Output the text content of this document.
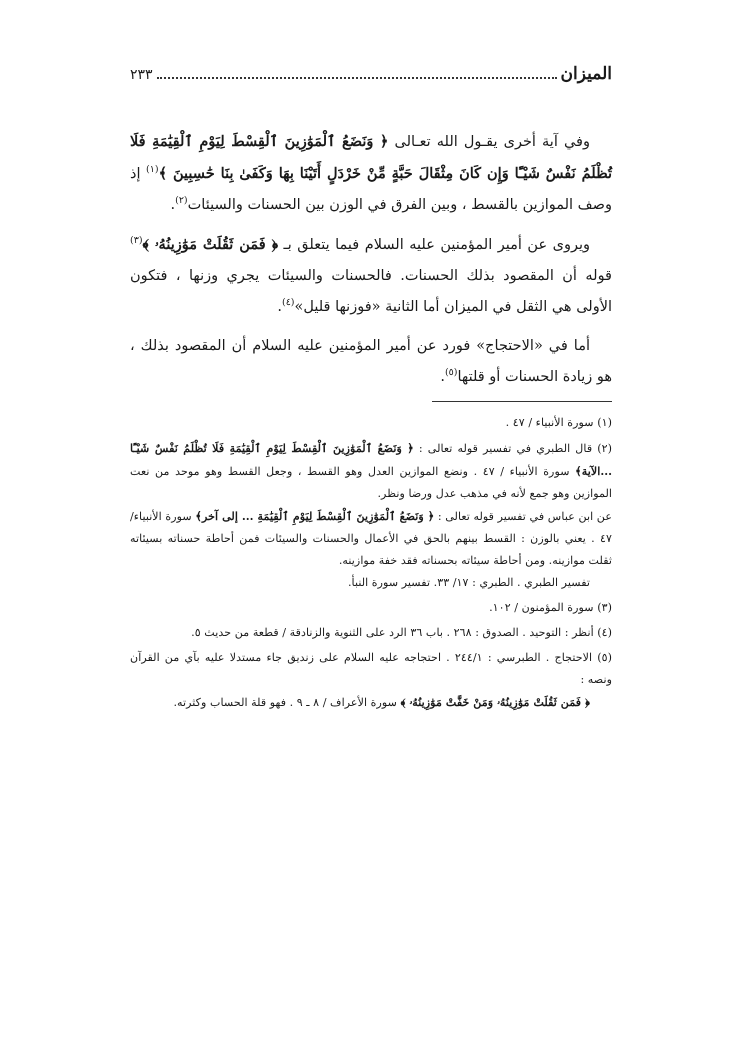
الميزان
٢٣٣

وفي آية أخرى يقـول الله تعـالى ﴿ وَنَضَعُ ٱلْمَوَٰزِينَ ٱلْقِسْطَ لِيَوْمِ ٱلْقِيَٰمَةِ فَلَا تُظْلَمُ نَفْسٌ شَيْـًٔا وَإِن كَانَ مِثْقَالَ حَبَّةٍ مِّنْ خَرْدَلٍ أَتَيْنَا بِهَا وَكَفَىٰ بِنَا حَٰسِبِينَ ﴾$^{(١)}$ إذ وصف الموازين بالقسط ، وبين الفرق في الوزن بين الحسنات والسيئات$^{(٢)}$.

ويروى عن أمير المؤمنين عليه السلام فيما يتعلق بـ ﴿ فَمَن ثَقُلَتْ مَوَٰزِينُهُۥ ﴾$^{(٣)}$ قوله أن المقصود بذلك الحسنات. فالحسنات والسيئات يجري وزنها ، فتكون الأولى هي الثقل في الميزان أما الثانية «فوزنها قليل»$^{(٤)}$.

أما في «الاحتجاج» فورد عن أمير المؤمنين عليه السلام أن المقصود بذلك ، هو زيادة الحسنات أو قلتها$^{(٥)}$.

(١) سورة الأنبياء / ٤٧ .

(٢) قال الطبري في تفسير قوله تعالى : ﴿ وَنَضَعُ ٱلْمَوَٰزِينَ ٱلْقِسْطَ لِيَوْمِ ٱلْقِيَٰمَةِ فَلَا تُظْلَمُ نَفْسٌ شَيْـًٔا ...الآية﴾ سورة الأنبياء / ٤٧ . ونضع الموازين العدل وهو القسط ، وجعل القسط وهو موحد من نعت الموازين وهو جمع لأنه في مذهب عدل ورضا ونظر.

عن ابن عباس في تفسير قوله تعالى : ﴿ وَنَضَعُ ٱلْمَوَٰزِينَ ٱلْقِسْطَ لِيَوْمِ ٱلْقِيَٰمَةِ ... إلى آخر﴾ سورة الأنبياء/ ٤٧ . يعني بالوزن : القسط بينهم بالحق في الأعمال والحسنات والسيئات فمن أحاطة حسناته بسيئاته ثقلت موازينه. ومن أحاطة سيئاته بحسناته فقد خفة موازينه.

تفسير الطبري . الطبري : ١٧/ ٣٣. تفسير سورة النبأ.

(٣) سورة المؤمنون / ١٠٢.

(٤) أنظر : التوحيد . الصدوق : ٢٦٨ . باب ٣٦ الرد على الثنوية والزنادقة / قطعة من حديث ٥.

(٥) الاحتجاج . الطبرسي : ٢٤٤/١ . احتجاجه عليه السلام على زنديق جاء مستدلا عليه بآي من القرآن ونصه :

﴿ فَمَن ثَقُلَتْ مَوَٰزِينُهُۥ وَمَنْ خَفَّتْ مَوَٰزِينُهُۥ ﴾ سورة الأعراف / ٨ ـ ٩ . فهو قلة الحساب وكثرته.
